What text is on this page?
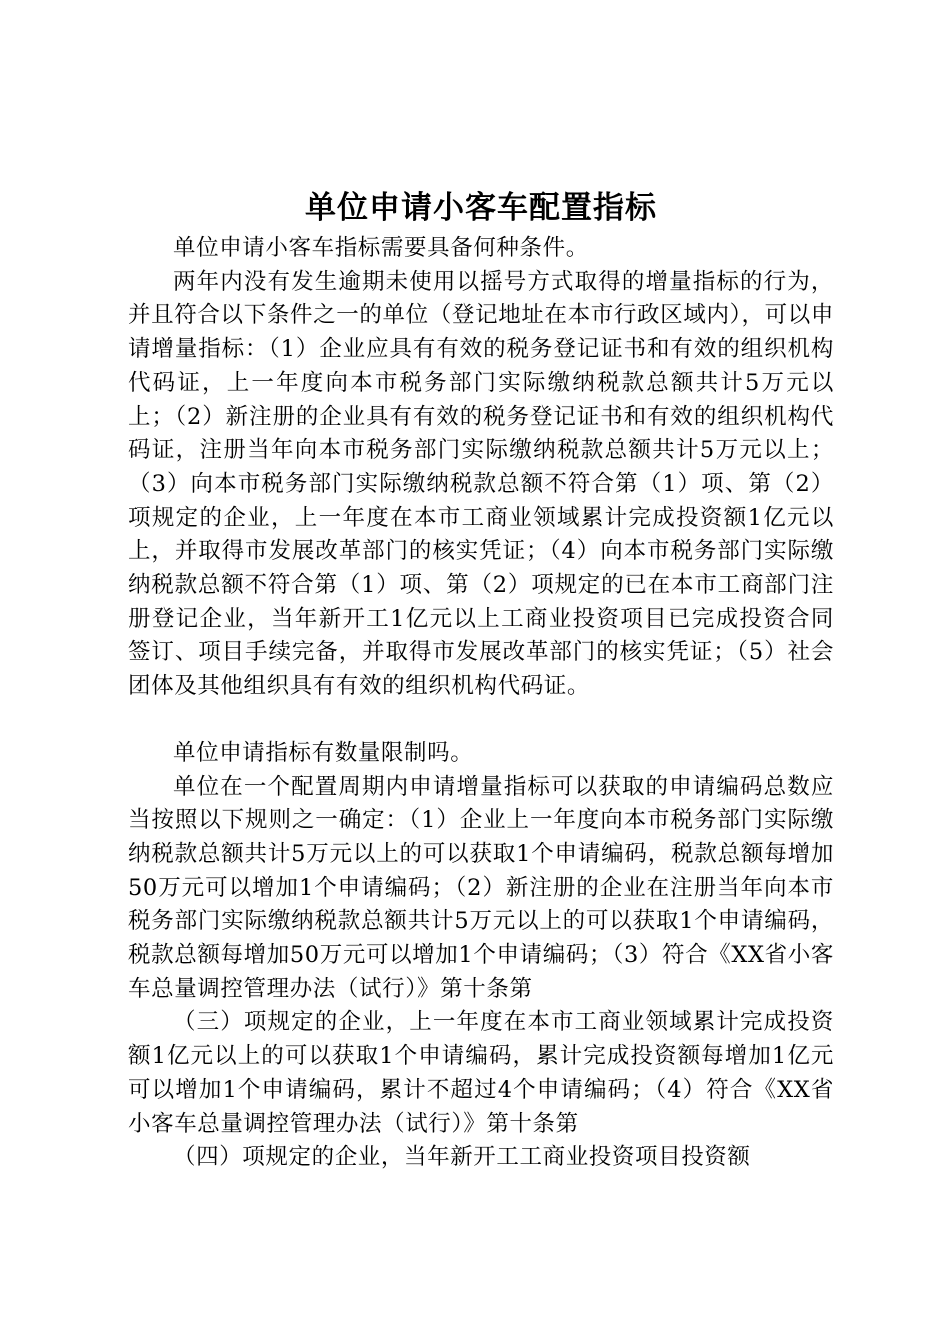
单位申请小客车配置指标

单位申请小客车指标需要具备何种条件。

两年内没有发生逾期未使用以摇号方式取得的增量指标的行为，并且符合以下条件之一的单位（登记地址在本市行政区域内），可以申请增量指标：（1）企业应具有有效的税务登记证书和有效的组织机构代码证，上一年度向本市税务部门实际缴纳税款总额共计5万元以上；（2）新注册的企业具有有效的税务登记证书和有效的组织机构代码证，注册当年向本市税务部门实际缴纳税款总额共计5万元以上；（3）向本市税务部门实际缴纳税款总额不符合第（1）项、第（2）项规定的企业，上一年度在本市工商业领域累计完成投资额1亿元以上，并取得市发展改革部门的核实凭证；（4）向本市税务部门实际缴纳税款总额不符合第（1）项、第（2）项规定的已在本市工商部门注册登记企业，当年新开工1亿元以上工商业投资项目已完成投资合同签订、项目手续完备，并取得市发展改革部门的核实凭证；（5）社会团体及其他组织具有有效的组织机构代码证。

单位申请指标有数量限制吗。

单位在一个配置周期内申请增量指标可以获取的申请编码总数应当按照以下规则之一确定：（1）企业上一年度向本市税务部门实际缴纳税款总额共计5万元以上的可以获取1个申请编码，税款总额每增加50万元可以增加1个申请编码；（2）新注册的企业在注册当年向本市税务部门实际缴纳税款总额共计5万元以上的可以获取1个申请编码，税款总额每增加50万元可以增加1个申请编码；（3）符合《XX省小客车总量调控管理办法（试行）》第十条第

（三）项规定的企业，上一年度在本市工商业领域累计完成投资额1亿元以上的可以获取1个申请编码，累计完成投资额每增加1亿元可以增加1个申请编码，累计不超过4个申请编码；（4）符合《XX省小客车总量调控管理办法（试行）》第十条第

（四）项规定的企业，当年新开工工商业投资项目投资额
